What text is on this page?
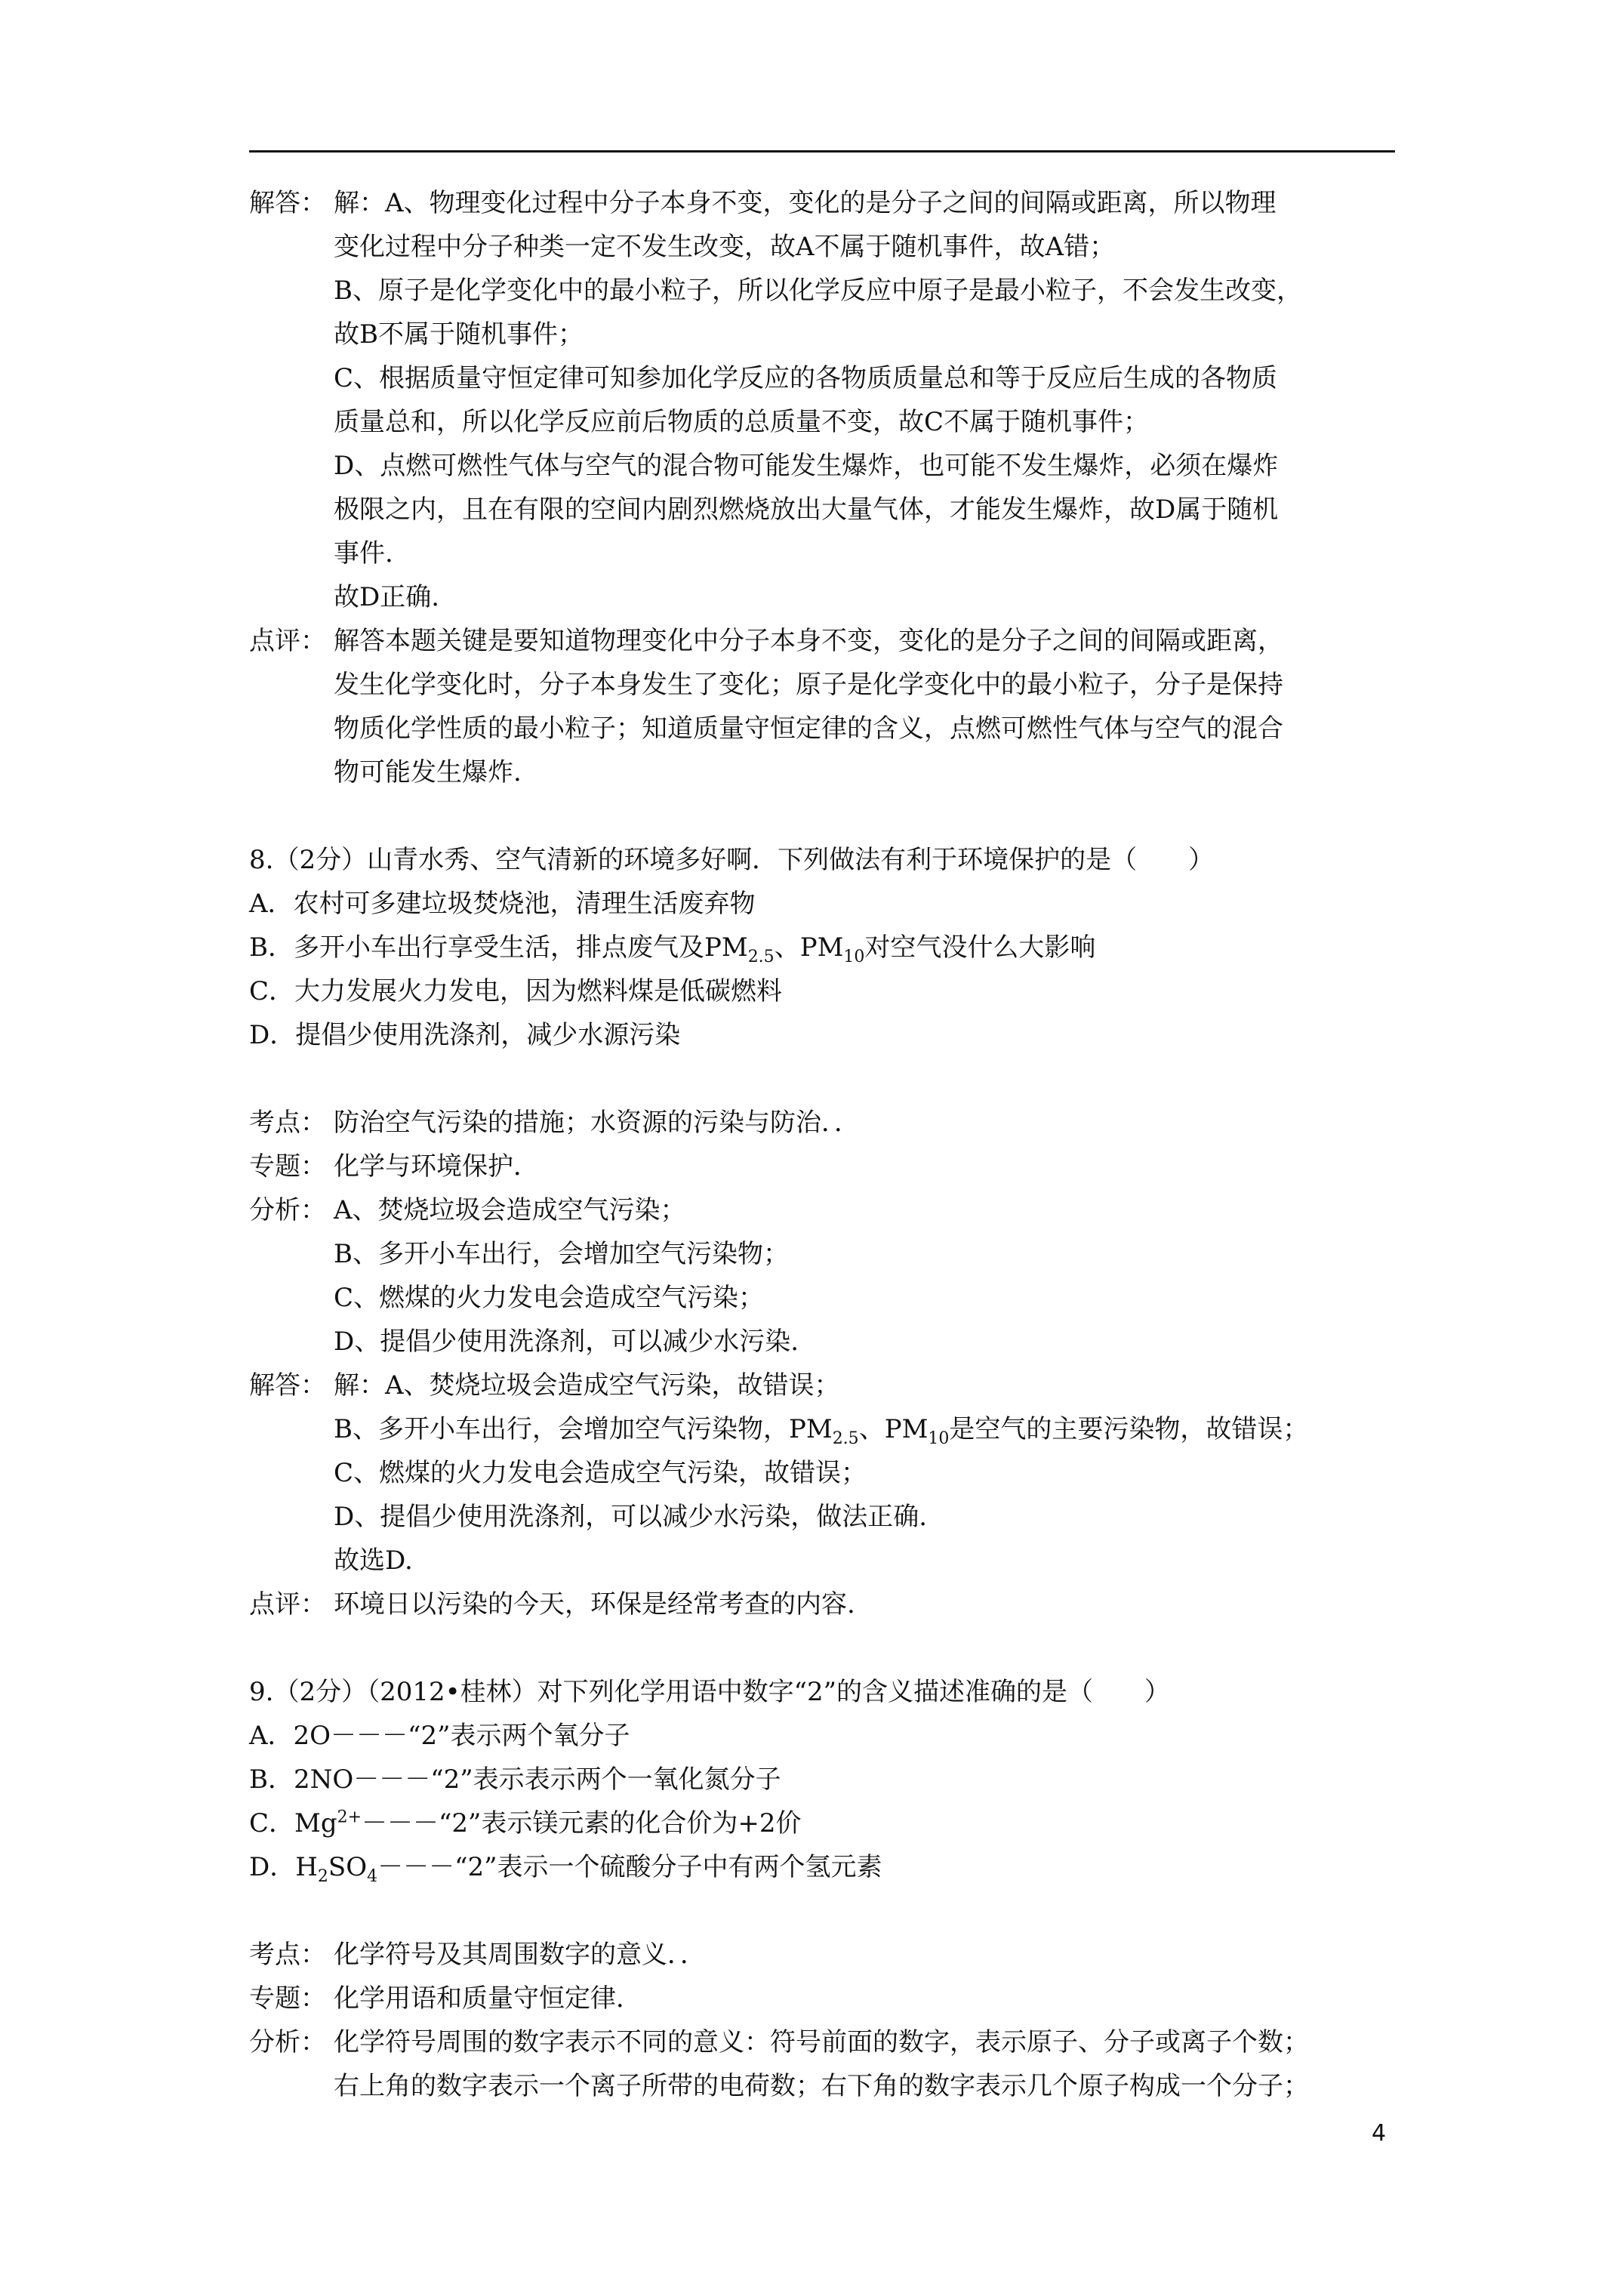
解答： 解：A、物理变化过程中分子本身不变，变化的是分子之间的间隔或距离，所以物理
变化过程中分子种类一定不发生改变，故A不属于随机事件，故A错；
B、原子是化学变化中的最小粒子，所以化学反应中原子是最小粒子，不会发生改变，
故B不属于随机事件；
C、根据质量守恒定律可知参加化学反应的各物质质量总和等于反应后生成的各物质
质量总和，所以化学反应前后物质的总质量不变，故C不属于随机事件；
D、点燃可燃性气体与空气的混合物可能发生爆炸，也可能不发生爆炸，必须在爆炸
极限之内，且在有限的空间内剧烈燃烧放出大量气体，才能发生爆炸，故D属于随机
事件.
故D正确.
点评： 解答本题关键是要知道物理变化中分子本身不变，变化的是分子之间的间隔或距离，
发生化学变化时，分子本身发生了变化；原子是化学变化中的最小粒子，分子是保持
物质化学性质的最小粒子；知道质量守恒定律的含义，点燃可燃性气体与空气的混合
物可能发生爆炸.
8.（2分）山青水秀、空气清新的环境多好啊．下列做法有利于环境保护的是（　　）
A．农村可多建垃圾焚烧池，清理生活废弃物
B．多开小车出行享受生活，排点废气及$PM_{2.5}$、$PM_{10}$对空气没什么大影响
C．大力发展火力发电，因为燃料煤是低碳燃料
D．提倡少使用洗涤剂，减少水源污染
考点： 防治空气污染的措施；水资源的污染与防治．．
专题： 化学与环境保护．
分析： A、焚烧垃圾会造成空气污染；
B、多开小车出行，会增加空气污染物；
C、燃煤的火力发电会造成空气污染；
D、提倡少使用洗涤剂，可以减少水污染.
解答： 解：A、焚烧垃圾会造成空气污染，故错误；
B、多开小车出行，会增加空气污染物，$PM_{2.5}$、$PM_{10}$是空气的主要污染物，故错误；
C、燃煤的火力发电会造成空气污染，故错误；
D、提倡少使用洗涤剂，可以减少水污染，做法正确.
故选D.
点评： 环境日以污染的今天，环保是经常考查的内容.
9.（2分）（2012•桂林）对下列化学用语中数字“2”的含义描述准确的是（　　）
A．2O－－－“2”表示两个氧分子
B．2NO－－－“2”表示表示两个一氧化氮分子
C．$Mg^{2+}---“2$”表示镁元素的化合价为+2价
D．$H_2SO_4---“2$”表示一个硫酸分子中有两个氢元素
考点： 化学符号及其周围数字的意义．．
专题： 化学用语和质量守恒定律．
分析： 化学符号周围的数字表示不同的意义：符号前面的数字，表示原子、分子或离子个数；
右上角的数字表示一个离子所带的电荷数；右下角的数字表示几个原子构成一个分子；
4
